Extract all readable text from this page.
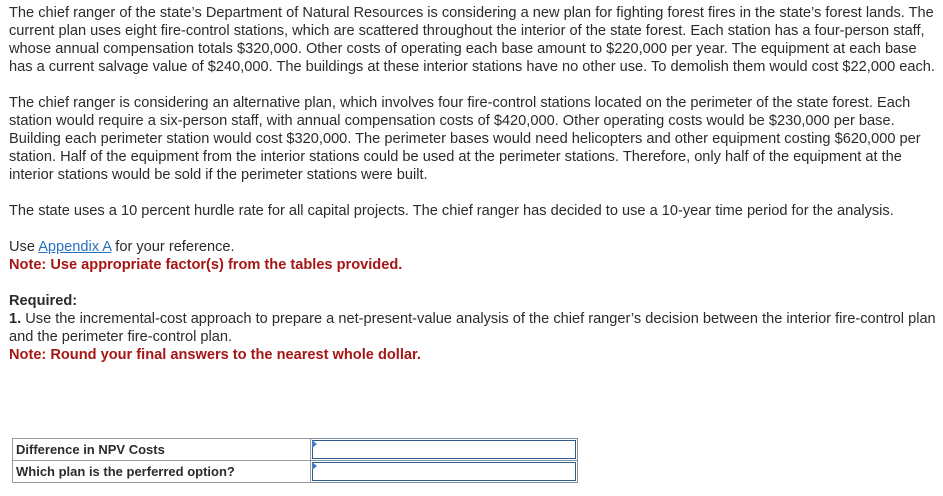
The chief ranger of the state’s Department of Natural Resources is considering a new plan for fighting forest fires in the state’s forest lands. The current plan uses eight fire-control stations, which are scattered throughout the interior of the state forest. Each station has a four-person staff, whose annual compensation totals $320,000. Other costs of operating each base amount to $220,000 per year. The equipment at each base has a current salvage value of $240,000. The buildings at these interior stations have no other use. To demolish them would cost $22,000 each.

The chief ranger is considering an alternative plan, which involves four fire-control stations located on the perimeter of the state forest. Each station would require a six-person staff, with annual compensation costs of $420,000. Other operating costs would be $230,000 per base. Building each perimeter station would cost $320,000. The perimeter bases would need helicopters and other equipment costing $620,000 per station. Half of the equipment from the interior stations could be used at the perimeter stations. Therefore, only half of the equipment at the interior stations would be sold if the perimeter stations were built.

The state uses a 10 percent hurdle rate for all capital projects. The chief ranger has decided to use a 10-year time period for the analysis.

Use Appendix A for your reference.

Note: Use appropriate factor(s) from the tables provided.

Required:

1. Use the incremental-cost approach to prepare a net-present-value analysis of the chief ranger’s decision between the interior fire-control plan and the perimeter fire-control plan.

Note: Round your final answers to the nearest whole dollar.

Difference in NPV Costs	

Which plan is the perferred option?	
